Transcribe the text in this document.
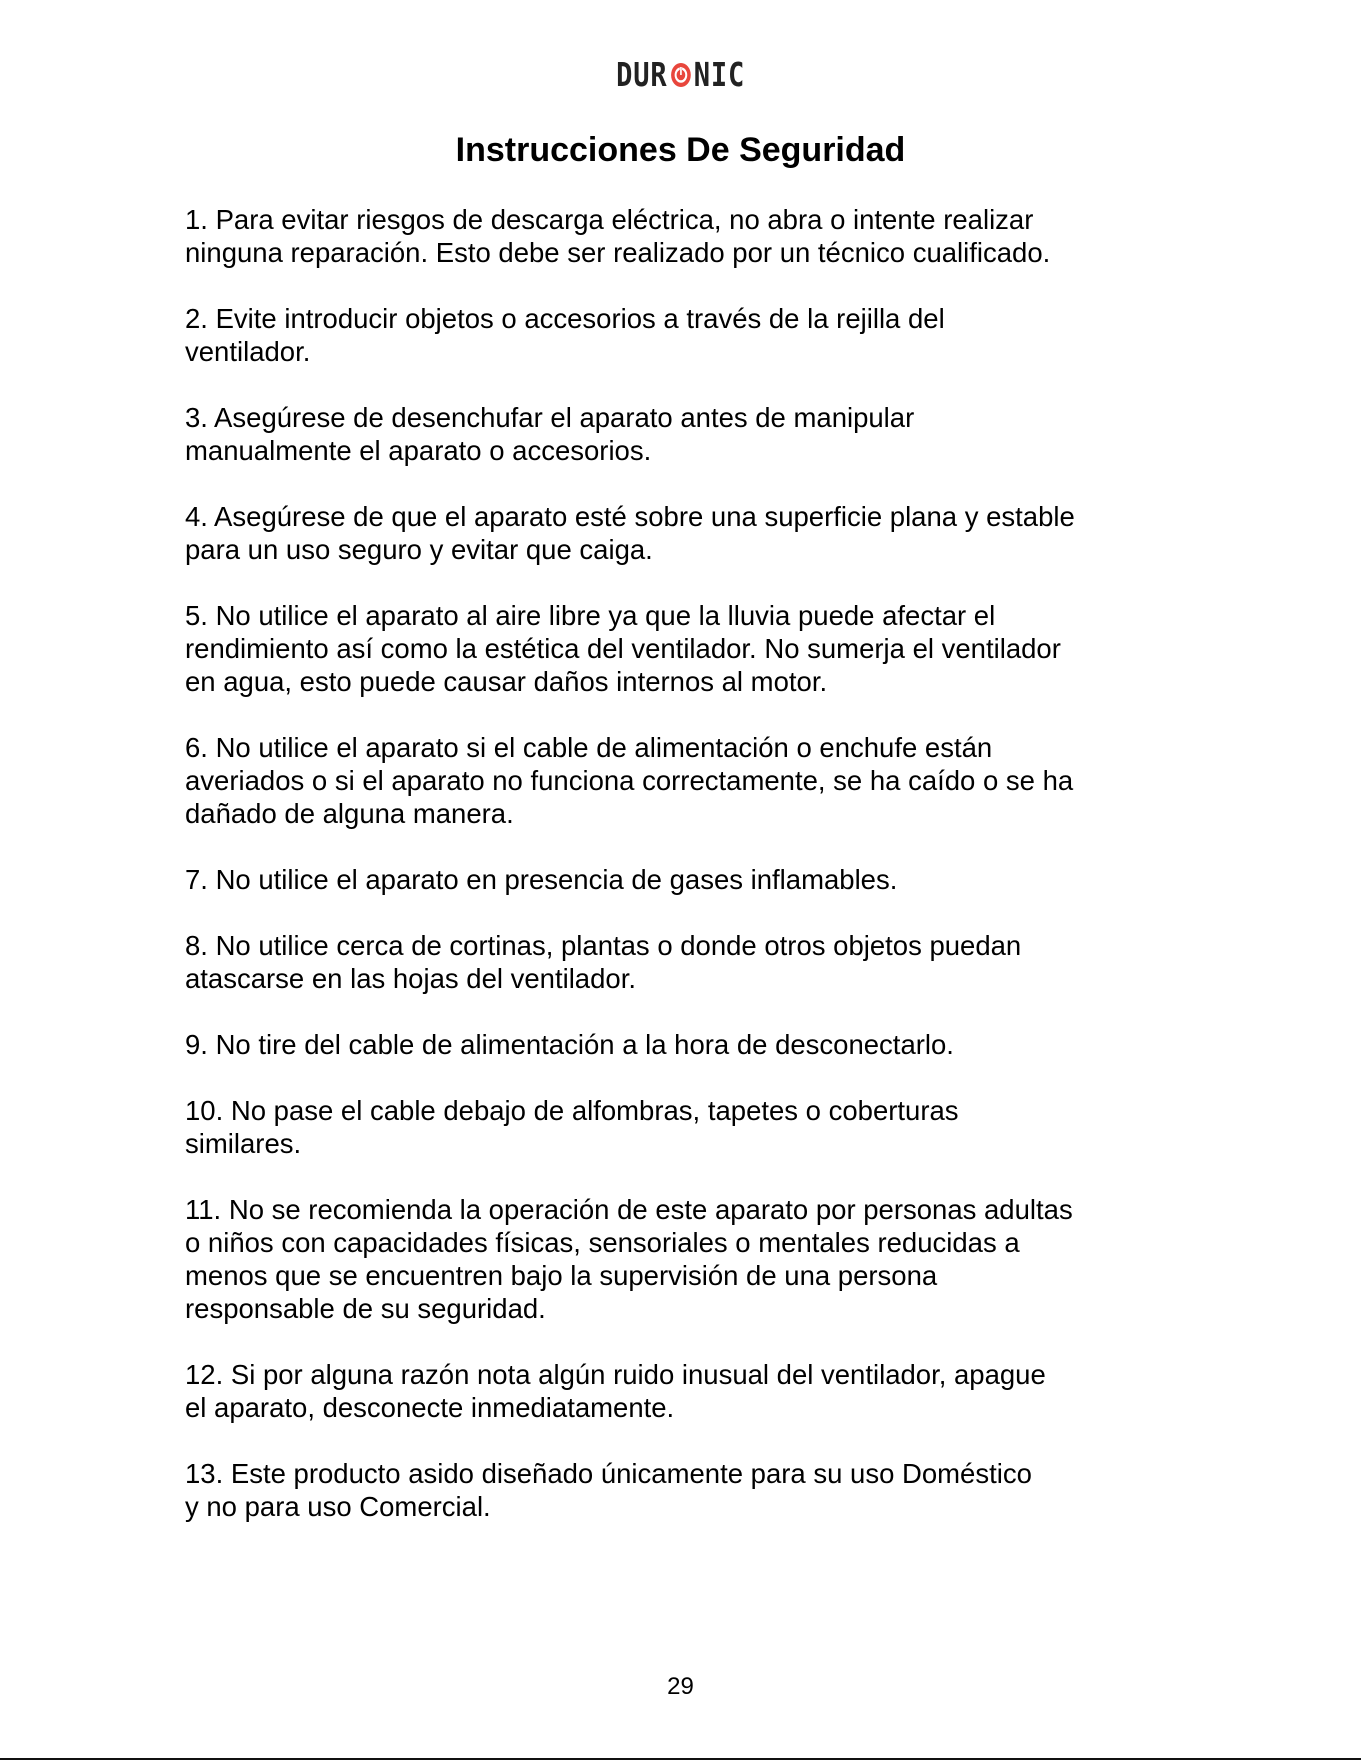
DUR NIC
Instrucciones De Seguridad
1. Para evitar riesgos de descarga eléctrica, no abra o intente realizar
ninguna reparación. Esto debe ser realizado por un técnico cualificado.
2. Evite introducir objetos o accesorios a través de la rejilla del
ventilador.
3. Asegúrese de desenchufar el aparato antes de manipular
manualmente el aparato o accesorios.
4. Asegúrese de que el aparato esté sobre una superficie plana y estable
para un uso seguro y evitar que caiga.
5. No utilice el aparato al aire libre ya que la lluvia puede afectar el
rendimiento así como la estética del ventilador. No sumerja el ventilador
en agua, esto puede causar daños internos al motor.
6. No utilice el aparato si el cable de alimentación o enchufe están
averiados o si el aparato no funciona correctamente, se ha caído o se ha
dañado de alguna manera.
7. No utilice el aparato en presencia de gases inflamables.
8. No utilice cerca de cortinas, plantas o donde otros objetos puedan
atascarse en las hojas del ventilador.
9. No tire del cable de alimentación a la hora de desconectarlo.
10. No pase el cable debajo de alfombras, tapetes o coberturas
similares.
11. No se recomienda la operación de este aparato por personas adultas
o niños con capacidades físicas, sensoriales o mentales reducidas a
menos que se encuentren bajo la supervisión de una persona
responsable de su seguridad.
12. Si por alguna razón nota algún ruido inusual del ventilador, apague
el aparato, desconecte inmediatamente.
13. Este producto asido diseñado únicamente para su uso Doméstico
y no para uso Comercial.
29
